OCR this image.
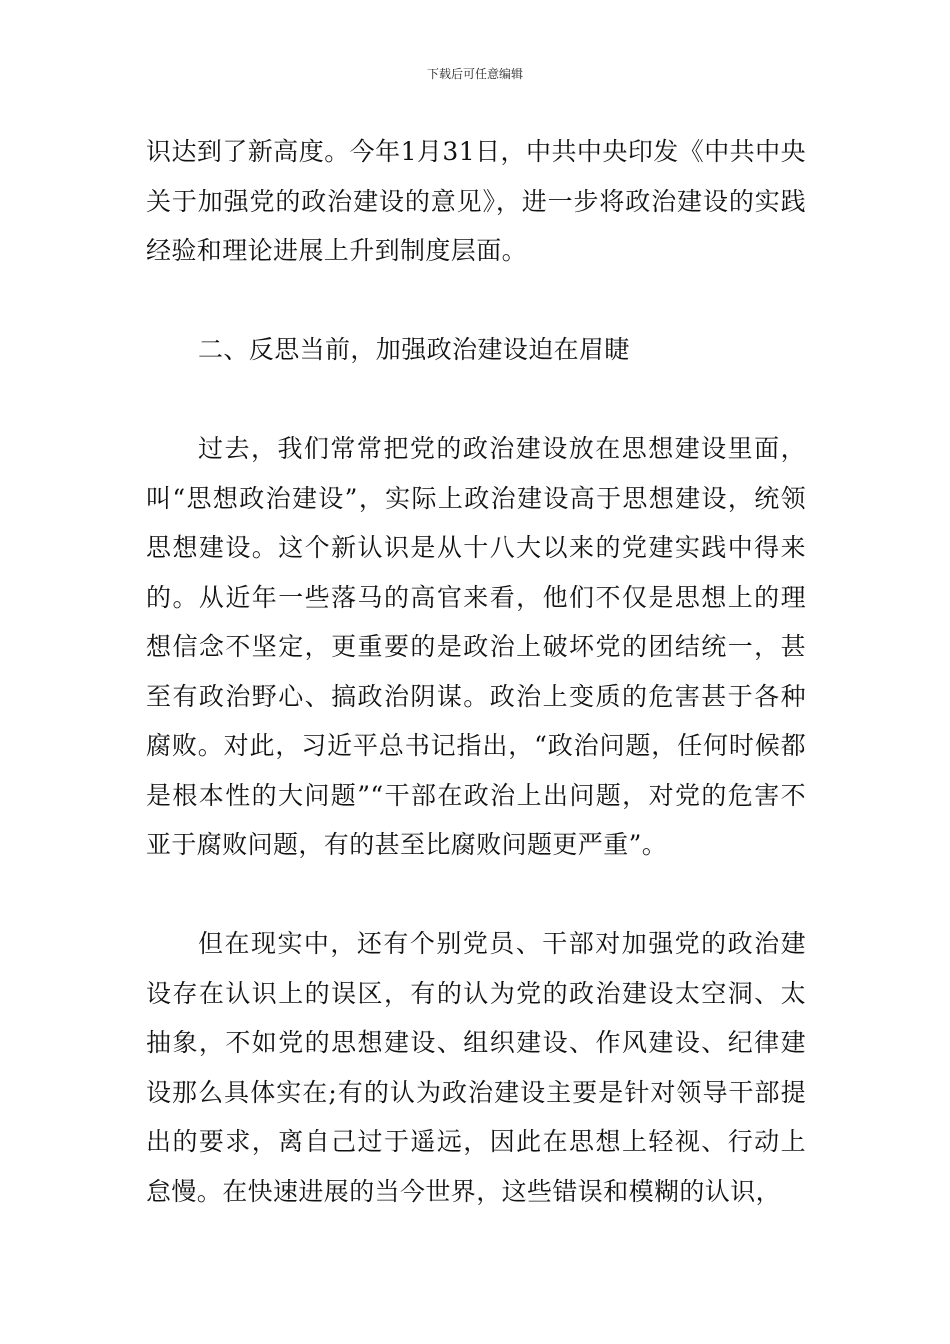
下载后可任意编辑

识达到了新高度。今年1月31日，中共中央印发《中共中央关于加强党的政治建设的意见》，进一步将政治建设的实践经验和理论进展上升到制度层面。

二、反思当前，加强政治建设迫在眉睫

过去，我们常常把党的政治建设放在思想建设里面，叫“思想政治建设”，实际上政治建设高于思想建设，统领思想建设。这个新认识是从十八大以来的党建实践中得来的。从近年一些落马的高官来看，他们不仅是思想上的理想信念不坚定，更重要的是政治上破坏党的团结统一，甚至有政治野心、搞政治阴谋。政治上变质的危害甚于各种腐败。对此，习近平总书记指出，“政治问题，任何时候都是根本性的大问题”“干部在政治上出问题，对党的危害不亚于腐败问题，有的甚至比腐败问题更严重”。

但在现实中，还有个别党员、干部对加强党的政治建设存在认识上的误区，有的认为党的政治建设太空洞、太抽象，不如党的思想建设、组织建设、作风建设、纪律建设那么具体实在;有的认为政治建设主要是针对领导干部提出的要求，离自己过于遥远，因此在思想上轻视、行动上怠慢。在快速进展的当今世界，这些错误和模糊的认识，
